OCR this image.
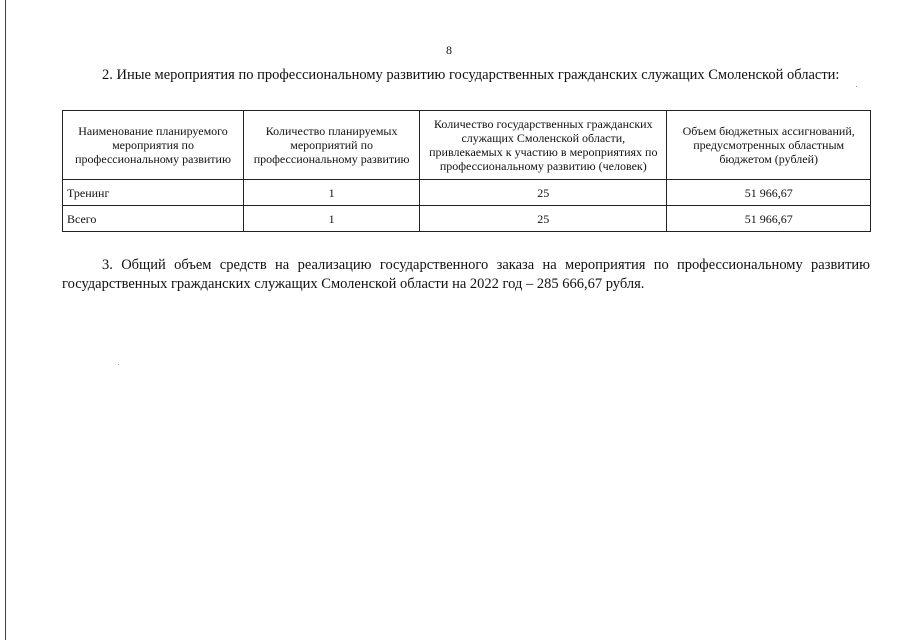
8
2. Иные мероприятия по профессиональному развитию государственных гражданских служащих Смоленской области:
Наименование планируемого мероприятия по профессиональному развитию	Количество планируемых мероприятий по профессиональному развитию	Количество государственных гражданских служащих Смоленской области, привлекаемых к участию в мероприятиях по профессиональному развитию (человек)	Объем бюджетных ассигнований, предусмотренных областным бюджетом (рублей)
Тренинг	1	25	51 966,67
Всего	1	25	51 966,67
3. Общий объем средств на реализацию государственного заказа на мероприятия по профессиональному развитию государственных гражданских служащих Смоленской области на 2022 год – 285 666,67 рубля.
